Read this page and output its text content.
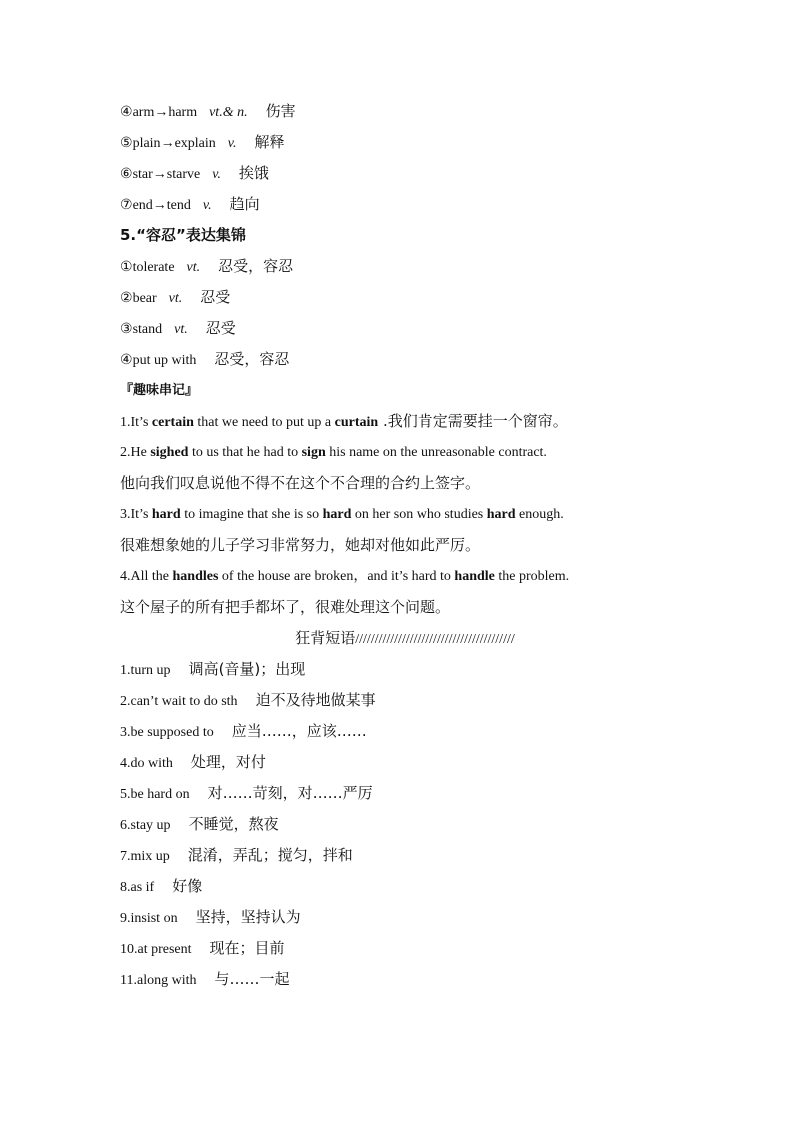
④arm→harm vt.& n. 伤害
⑤plain→explain v. 解释
⑥star→starve v. 挨饿
⑦end→tend v. 趋向
5.“容忍”表达集锦
①tolerate vt. 忍受，容忍
②bear vt. 忍受
③stand vt. 忍受
④put up with 忍受，容忍
『趣味串记』
1.It’s certain that we need to put up a curtain .我们肯定需要挂一个窗帘。
2.He sighed to us that he had to sign his name on the unreasonable contract.
他向我们叹息说他不得不在这个不合理的合约上签字。
3.It’s hard to imagine that she is so hard on her son who studies hard enough.
很难想象她的儿子学习非常努力，她却对他如此严厉。
4.All the handles of the house are broken，and it’s hard to handle the problem.
这个屋子的所有把手都坏了，很难处理这个问题。
狂背短语/////////////////////////////////////////
1.turn up 调高(音量)；出现
2.can’t wait to do sth 迫不及待地做某事
3.be supposed to 应当……，应该……
4.do with 处理，对付
5.be hard on 对……苛刻，对……严厉
6.stay up 不睡觉，熬夜
7.mix up 混淆，弄乱；搅匀，拌和
8.as if 好像
9.insist on 坚持，坚持认为
10.at present 现在；目前
11.along with 与……一起
